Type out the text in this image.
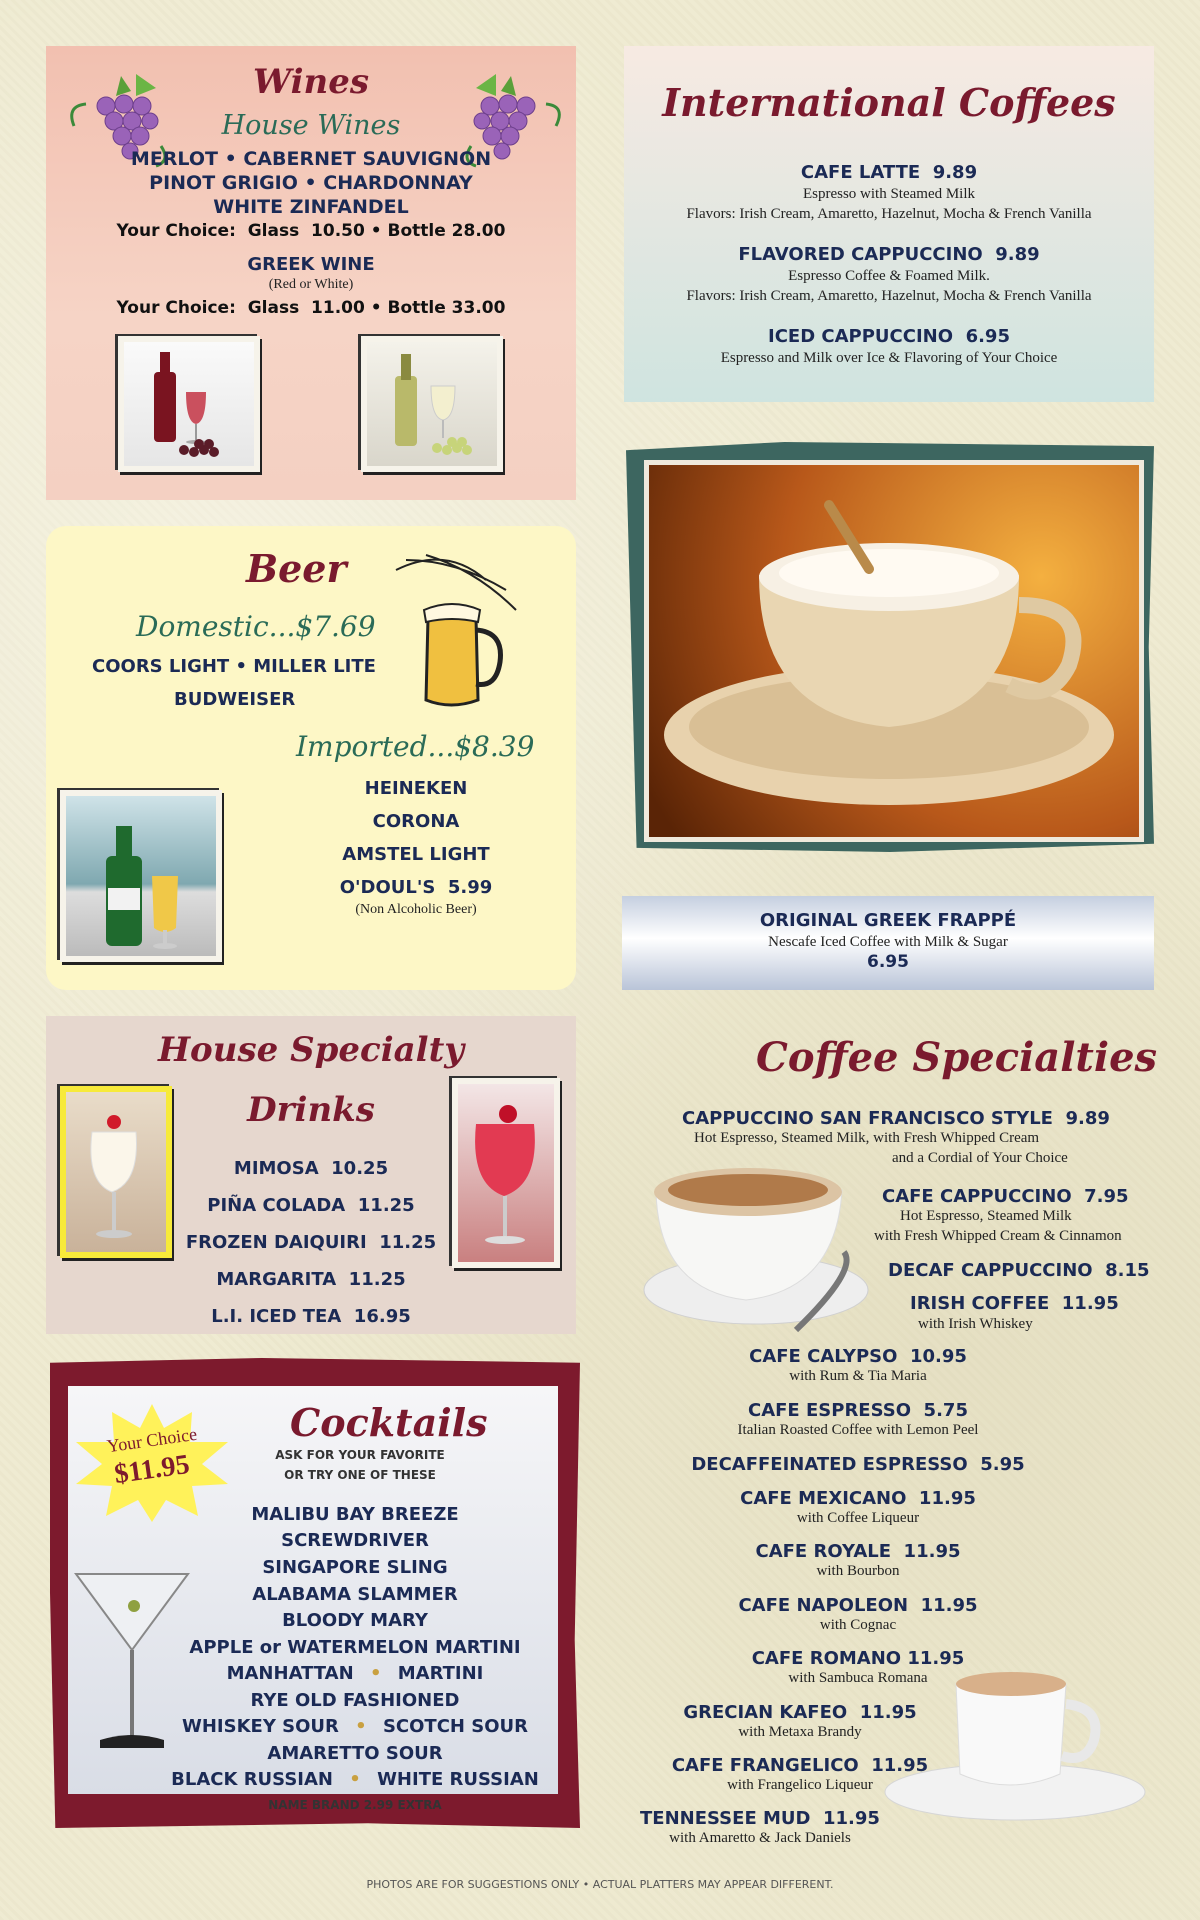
Wines
House Wines
MERLOT • CABERNET SAUVIGNON
PINOT GRIGIO • CHARDONNAY
WHITE ZINFANDEL
Your Choice:  Glass  10.50 • Bottle 28.00
GREEK WINE
(Red or White)
Your Choice:  Glass  11.00 • Bottle 33.00
Beer
Domestic...$7.69
COORS LIGHT • MILLER LITE
BUDWEISER
Imported...$8.39
HEINEKEN
CORONA
AMSTEL LIGHT
O'DOUL'S  5.99
(Non Alcoholic Beer)
House Specialty
Drinks
MIMOSA  10.25
PIÑA COLADA  11.25
FROZEN DAIQUIRI  11.25
MARGARITA  11.25
L.I. ICED TEA  16.95
Your Choice
$11.95
Cocktails
ASK FOR YOUR FAVORITE
OR TRY ONE OF THESE
MALIBU BAY BREEZE
SCREWDRIVER
SINGAPORE SLING
ALABAMA SLAMMER
BLOODY MARY
APPLE or WATERMELON MARTINI
MANHATTAN • MARTINI
RYE OLD FASHIONED
WHISKEY SOUR • SCOTCH SOUR
AMARETTO SOUR
BLACK RUSSIAN • WHITE RUSSIAN
NAME BRAND 2.99 EXTRA
International Coffees
CAFE LATTE  9.89
Espresso with Steamed Milk
Flavors: Irish Cream, Amaretto, Hazelnut, Mocha & French Vanilla
FLAVORED CAPPUCCINO  9.89
Espresso Coffee & Foamed Milk.
Flavors: Irish Cream, Amaretto, Hazelnut, Mocha & French Vanilla
ICED CAPPUCCINO  6.95
Espresso and Milk over Ice & Flavoring of Your Choice
ORIGINAL GREEK FRAPPÉ
Nescafe Iced Coffee with Milk & Sugar
6.95
Coffee Specialties
CAPPUCCINO SAN FRANCISCO STYLE  9.89
Hot Espresso, Steamed Milk, with Fresh Whipped Cream
and a Cordial of Your Choice
CAFE CAPPUCCINO  7.95
Hot Espresso, Steamed Milk
with Fresh Whipped Cream & Cinnamon
DECAF CAPPUCCINO  8.15
IRISH COFFEE  11.95
with Irish Whiskey
CAFE CALYPSO  10.95
with Rum & Tia Maria
CAFE ESPRESSO  5.75
Italian Roasted Coffee with Lemon Peel
DECAFFEINATED ESPRESSO  5.95
CAFE MEXICANO  11.95
with Coffee Liqueur
CAFE ROYALE  11.95
with Bourbon
CAFE NAPOLEON  11.95
with Cognac
CAFE ROMANO 11.95
with Sambuca Romana
GRECIAN KAFEO  11.95
with Metaxa Brandy
CAFE FRANGELICO  11.95
with Frangelico Liqueur
TENNESSEE MUD  11.95
with Amaretto & Jack Daniels
PHOTOS ARE FOR SUGGESTIONS ONLY • ACTUAL PLATTERS MAY APPEAR DIFFERENT.
